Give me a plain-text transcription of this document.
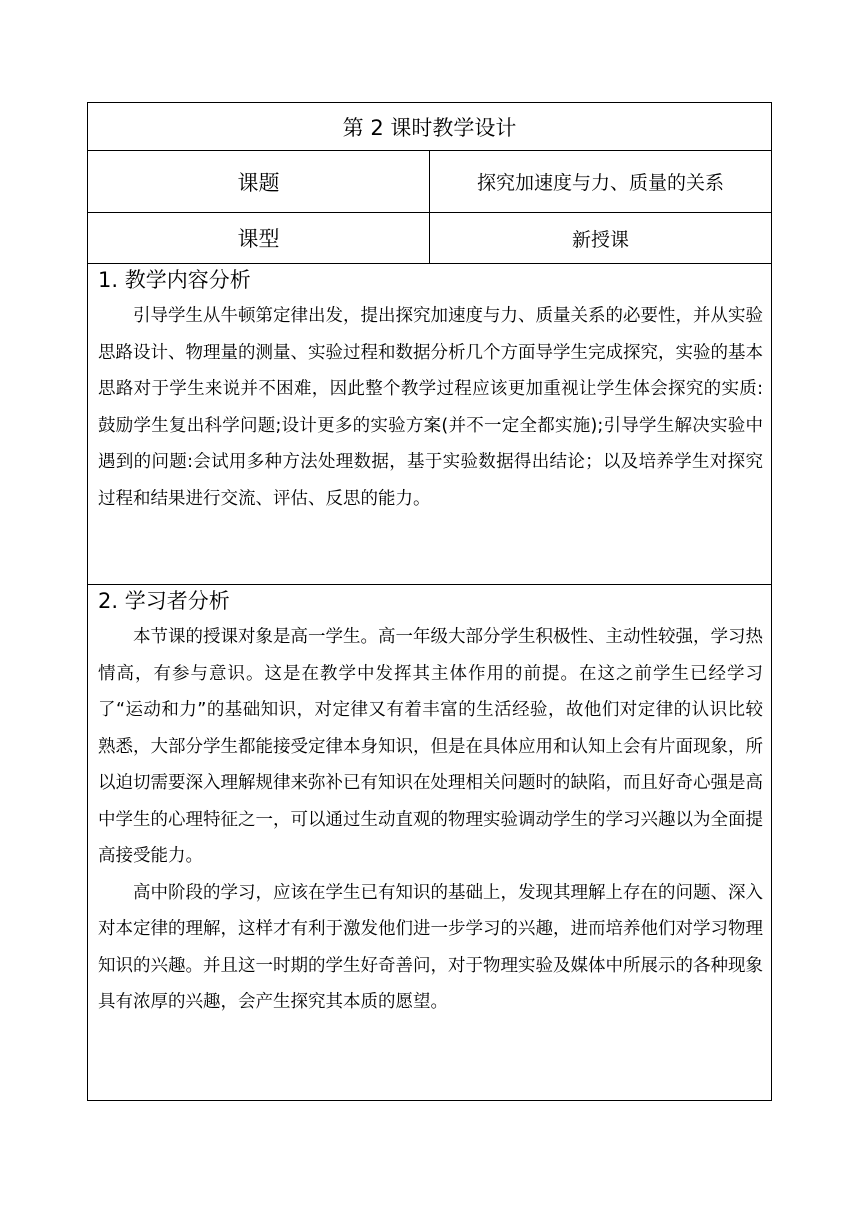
第 2 课时教学设计	
课题	探究加速度与力、质量的关系
课型	新授课

1. 教学内容分析

引导学生从牛顿第定律出发，提出探究加速度与力、质量关系的必要性，并从实验思路设计、物理量的测量、实验过程和数据分析几个方面导学生完成探究，实验的基本思路对于学生来说并不困难，因此整个教学过程应该更加重视让学生体会探究的实质:鼓励学生复出科学问题;设计更多的实验方案(并不一定全都实施);引导学生解决实验中遇到的问题:会试用多种方法处理数据，基于实验数据得出结论；以及培养学生对探究过程和结果进行交流、评估、反思的能力。	

2. 学习者分析

本节课的授课对象是高一学生。高一年级大部分学生积极性、主动性较强，学习热情高，有参与意识。这是在教学中发挥其主体作用的前提。在这之前学生已经学习了“运动和力”的基础知识，对定律又有着丰富的生活经验，故他们对定律的认识比较熟悉，大部分学生都能接受定律本身知识，但是在具体应用和认知上会有片面现象，所以迫切需要深入理解规律来弥补已有知识在处理相关问题时的缺陷，而且好奇心强是高中学生的心理特征之一，可以通过生动直观的物理实验调动学生的学习兴趣以为全面提高接受能力。

高中阶段的学习，应该在学生已有知识的基础上，发现其理解上存在的问题、深入对本定律的理解，这样才有利于激发他们进一步学习的兴趣，进而培养他们对学习物理知识的兴趣。并且这一时期的学生好奇善问，对于物理实验及媒体中所展示的各种现象具有浓厚的兴趣，会产生探究其本质的愿望。	
